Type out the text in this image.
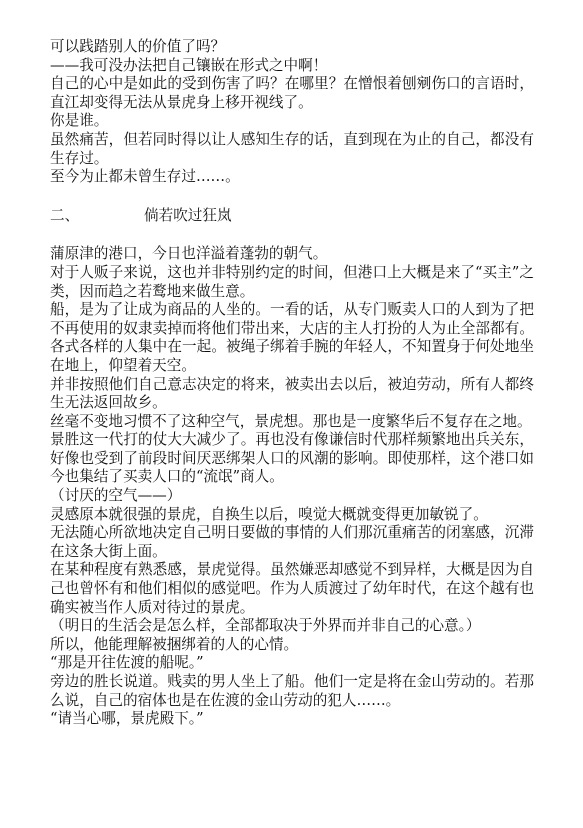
可以践踏别人的价值了吗？

——我可没办法把自己镶嵌在形式之中啊！

自己的心中是如此的受到伤害了吗？在哪里？在憎恨着刨剜伤口的言语时，直江却变得无法从景虎身上移开视线了。

你是谁。

虽然痛苦，但若同时得以让人感知生存的话，直到现在为止的自己，都没有生存过。

至今为止都未曾生存过……。

二、	倘若吹过狂岚

蒲原津的港口，今日也洋溢着蓬勃的朝气。

对于人贩子来说，这也并非特别约定的时间，但港口上大概是来了“买主”之类，因而趋之若鹜地来做生意。

船，是为了让成为商品的人坐的。一看的话，从专门贩卖人口的人到为了把不再使用的奴隶卖掉而将他们带出来，大店的主人打扮的人为止全部都有。各式各样的人集中在一起。被绳子绑着手腕的年轻人，不知置身于何处地坐在地上，仰望着天空。

并非按照他们自己意志决定的将来，被卖出去以后，被迫劳动，所有人都终生无法返回故乡。

丝毫不变地习惯不了这种空气，景虎想。那也是一度繁华后不复存在之地。

景胜这一代打的仗大大减少了。再也没有像谦信时代那样频繁地出兵关东，好像也受到了前段时间厌恶绑架人口的风潮的影响。即使那样，这个港口如今也集结了买卖人口的“流氓”商人。

（讨厌的空气——）

灵感原本就很强的景虎，自换生以后，嗅觉大概就变得更加敏锐了。

无法随心所欲地决定自己明日要做的事情的人们那沉重痛苦的闭塞感，沉滞在这条大街上面。

在某种程度有熟悉感，景虎觉得。虽然嫌恶却感觉不到异样，大概是因为自己也曾怀有和他们相似的感觉吧。作为人质渡过了幼年时代，在这个越有也确实被当作人质对待过的景虎。

（明日的生活会是怎么样，全部都取决于外界而并非自己的心意。）

所以，他能理解被捆绑着的人的心情。

“那是开往佐渡的船呢。”

旁边的胜长说道。贱卖的男人坐上了船。他们一定是将在金山劳动的。若那么说，自己的宿体也是在佐渡的金山劳动的犯人……。

“请当心哪，景虎殿下。”
